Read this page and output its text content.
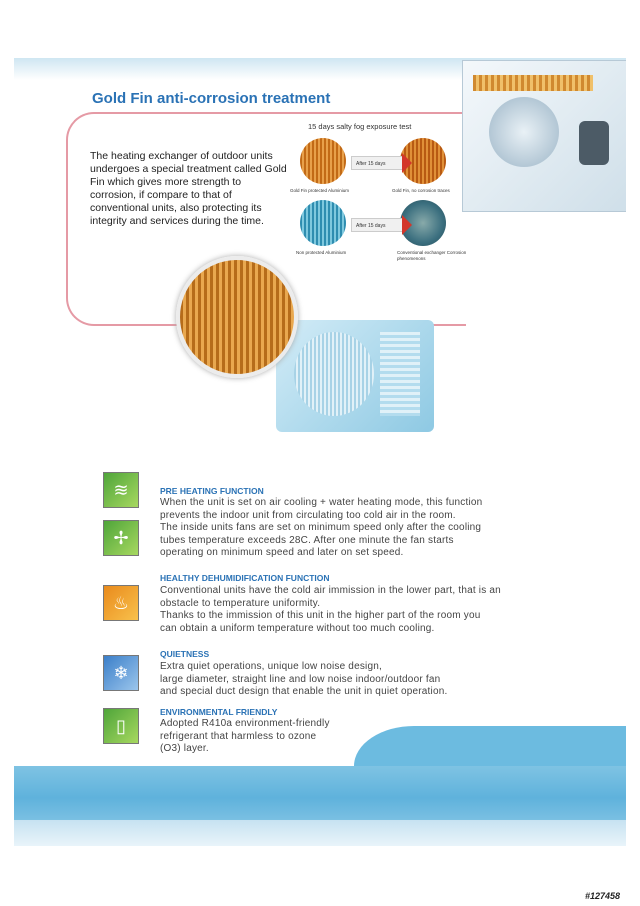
Gold Fin anti-corrosion treatment
The heating exchanger of outdoor units undergoes a special treatment called Gold Fin which gives more strength to corrosion, if compare to that of conventional units, also protecting its integrity and services during the time.
15 days salty fog exposure test
After 15 days
After 15 days
Gold Fin protected Aluminium	Gold Fin, no corrosion traces
Non protected Aluminium	Conventional exchanger Corrosion phenomenons
≋
✢
♨
❄
▯
PRE HEATING FUNCTION
When the unit is set on air cooling + water heating mode, this function
prevents the indoor unit from circulating too cold air in the room.
The inside units fans are set on minimum speed only after the cooling
tubes temperature exceeds 28C. After one minute the fan starts
operating on minimum speed and later on set speed.
HEALTHY DEHUMIDIFICATION FUNCTION
Conventional units have the cold air immission in the lower part, that is an
obstacle to temperature uniformity.
Thanks to the immission of this unit in the higher part of the room you
can obtain a uniform temperature without too much cooling.
QUIETNESS
Extra quiet operations, unique low noise design,
large diameter, straight line and low noise indoor/outdoor fan
and special duct design that enable the unit in quiet operation.
ENVIRONMENTAL FRIENDLY
Adopted R410a environment-friendly
refrigerant that harmless to ozone
(O3) layer.
#127458
